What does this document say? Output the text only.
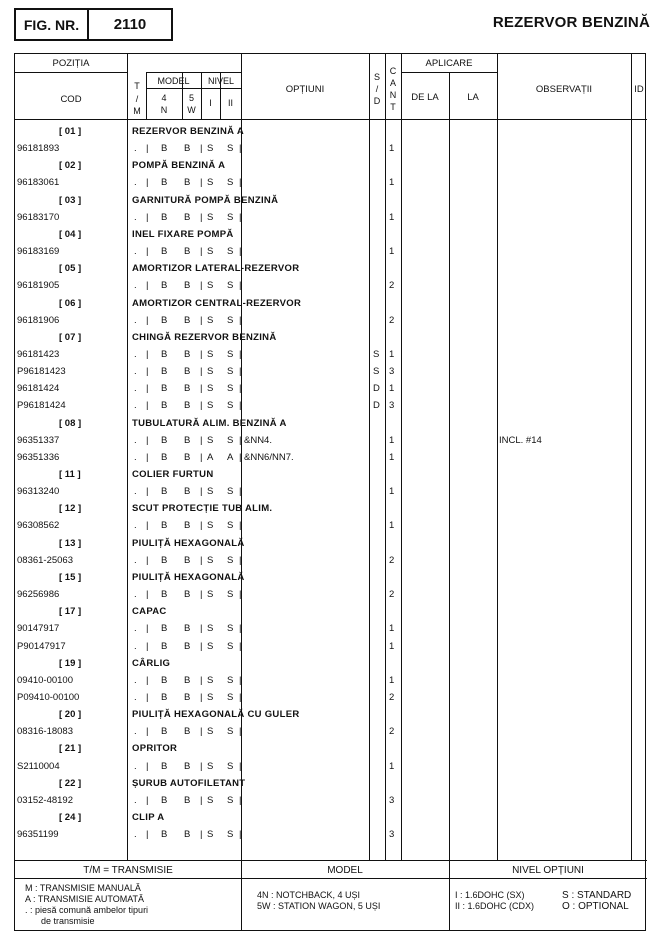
FIG. NR.	2110	REZERVOR BENZINĂ
POZIȚIA
COD
T
/
M
MODEL
4
N
5
W
NIVEL
I	II
OPȚIUNI
S
/
D
C
A
N
T
APLICARE
DE LA	LA
OBSERVAȚII	ID
[ 01 ]	REZERVOR BENZINĂ A
96181893	. | B B | S S |	1
[ 02 ]	POMPĂ BENZINĂ A
96183061	. | B B | S S |	1
[ 03 ]	GARNITURĂ POMPĂ BENZINĂ
96183170	. | B B | S S |	1
[ 04 ]	INEL FIXARE POMPĂ
96183169	. | B B | S S |	1
[ 05 ]	AMORTIZOR LATERAL-REZERVOR
96181905	. | B B | S S |	2
[ 06 ]	AMORTIZOR CENTRAL-REZERVOR
96181906	. | B B | S S |	2
[ 07 ]	CHINGĂ REZERVOR BENZINĂ
96181423	. | B B | S S |	S 1
P96181423	. | B B | S S |	S 3
96181424	. | B B | S S |	D 1
P96181424	. | B B | S S |	D 3
[ 08 ]	TUBULATURĂ ALIM. BENZINĂ A
96351337	. | B B | S S | &NN4.	1	INCL. #14
96351336	. | B B | A A | &NN6/NN7.	1
[ 11 ]	COLIER FURTUN
96313240	. | B B | S S |	1
[ 12 ]	SCUT PROTECȚIE TUB ALIM.
96308562	. | B B | S S |	1
[ 13 ]	PIULIȚĂ HEXAGONALĂ
08361-25063	. | B B | S S |	2
[ 15 ]	PIULIȚĂ HEXAGONALĂ
96256986	. | B B | S S |	2
[ 17 ]	CAPAC
90147917	. | B B | S S |	1
P90147917	. | B B | S S |	1
[ 19 ]	CÂRLIG
09410-00100	. | B B | S S |	1
P09410-00100	. | B B | S S |	2
[ 20 ]	PIULIȚĂ HEXAGONALĂ CU GULER
08316-18083	. | B B | S S |	2
[ 21 ]	OPRITOR
S2110004	. | B B | S S |	1
[ 22 ]	ȘURUB AUTOFILETANT
03152-48192	. | B B | S S |	3
[ 24 ]	CLIP A
96351199	. | B B | S S |	3
T/M = TRANSMISIE	MODEL	NIVEL OPȚIUNI
M : TRANSMISIE MANUALĂ
A : TRANSMISIE AUTOMATĂ
. : piesă comună ambelor tipuri
de transmisie
4N : NOTCHBACK, 4 UȘI
5W : STATION WAGON, 5 UȘI
I : 1.6DOHC (SX)
II : 1.6DOHC (CDX)
S : STANDARD
O : OPTIONAL
